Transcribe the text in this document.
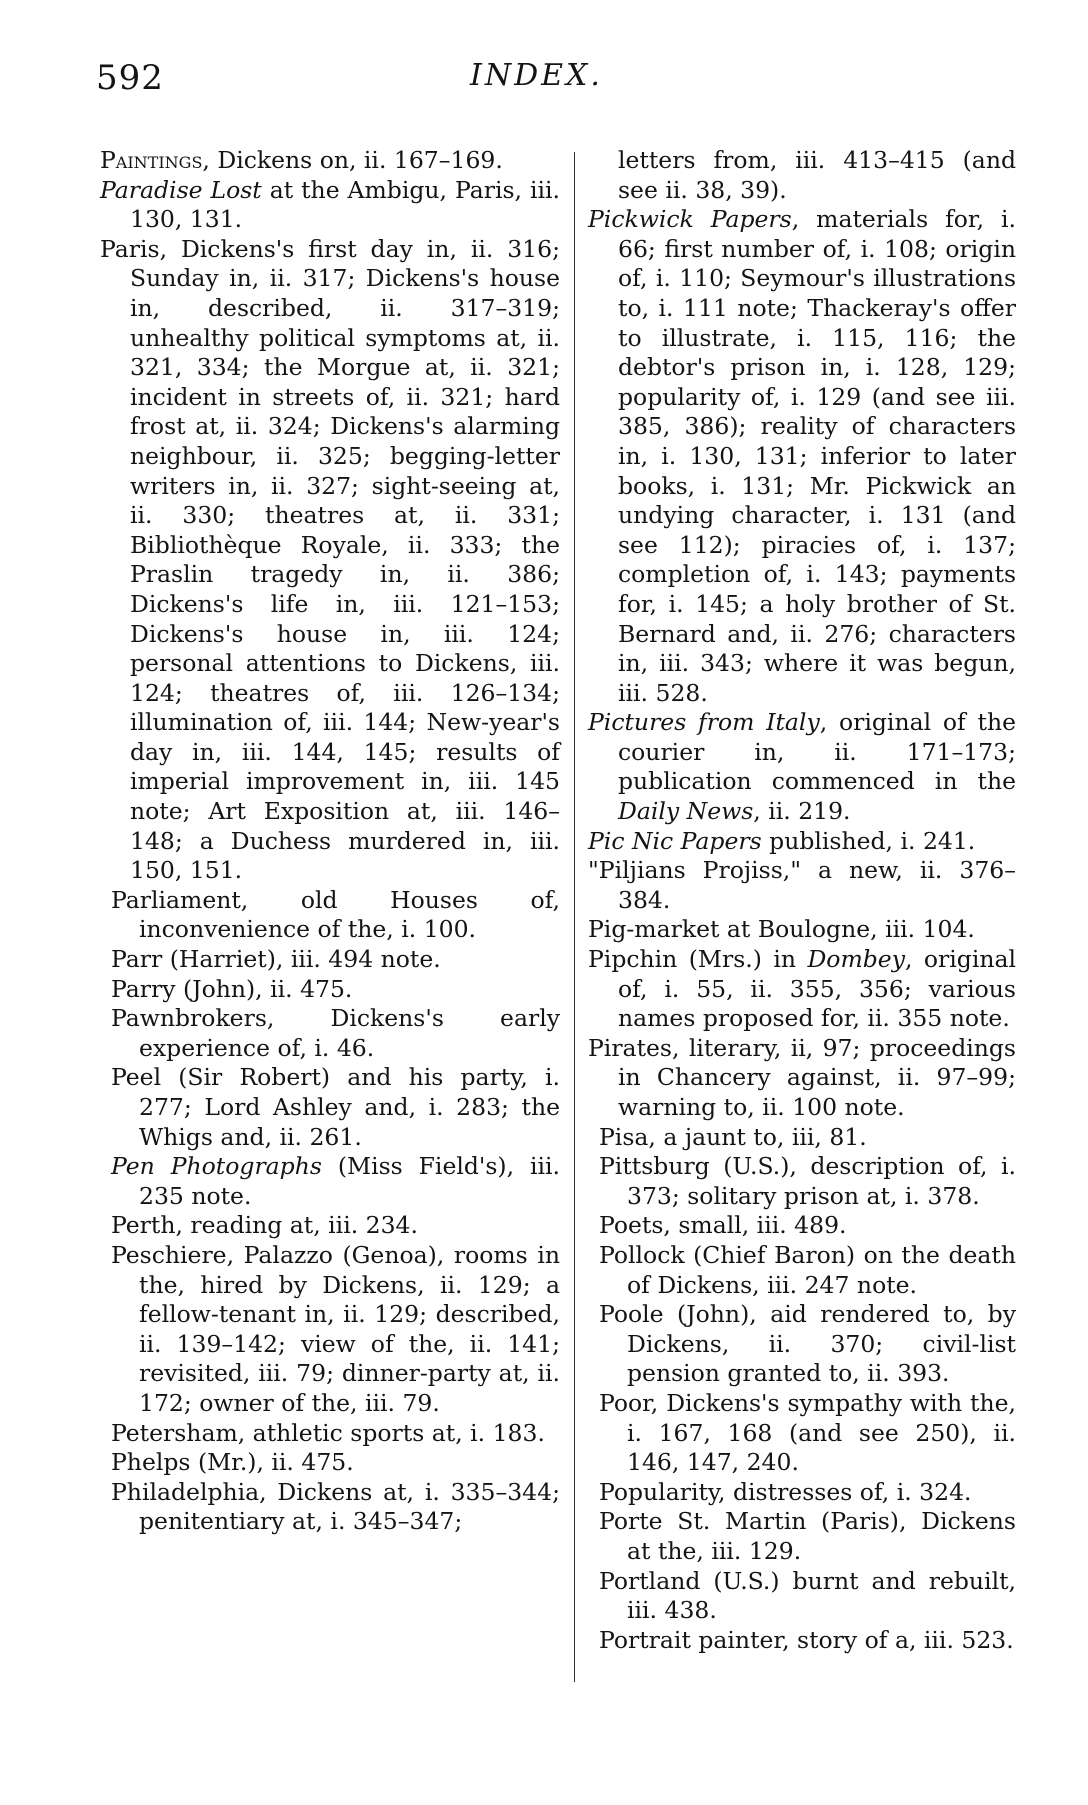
592	INDEX.

Paintings, Dickens on, ii. 167–169.

Paradise Lost at the Ambigu, Paris, iii. 130, 131.

Paris, Dickens's first day in, ii. 316; Sunday in, ii. 317; Dickens's house in, described, ii. 317–319; unhealthy political symptoms at, ii. 321, 334; the Morgue at, ii. 321; incident in streets of, ii. 321; hard frost at, ii. 324; Dickens's alarming neighbour, ii. 325; begging-letter writers in, ii. 327; sight-seeing at, ii. 330; theatres at, ii. 331; Bibliothèque Royale, ii. 333; the Praslin tragedy in, ii. 386; Dickens's life in, iii. 121–153; Dickens's house in, iii. 124; personal attentions to Dickens, iii. 124; theatres of, iii. 126–134; illumination of, iii. 144; New-year's day in, iii. 144, 145; results of imperial improvement in, iii. 145 note; Art Exposition at, iii. 146–148; a Duchess murdered in, iii. 150, 151.

Parliament, old Houses of, inconvenience of the, i. 100.

Parr (Harriet), iii. 494 note.

Parry (John), ii. 475.

Pawnbrokers, Dickens's early experience of, i. 46.

Peel (Sir Robert) and his party, i. 277; Lord Ashley and, i. 283; the Whigs and, ii. 261.

Pen Photographs (Miss Field's), iii. 235 note.

Perth, reading at, iii. 234.

Peschiere, Palazzo (Genoa), rooms in the, hired by Dickens, ii. 129; a fellow-tenant in, ii. 129; described, ii. 139–142; view of the, ii. 141; revisited, iii. 79; dinner-party at, ii. 172; owner of the, iii. 79.

Petersham, athletic sports at, i. 183.

Phelps (Mr.), ii. 475.

Philadelphia, Dickens at, i. 335–344; penitentiary at, i. 345–347;

letters from, iii. 413–415 (and see ii. 38, 39).

Pickwick Papers, materials for, i. 66; first number of, i. 108; origin of, i. 110; Seymour's illustrations to, i. 111 note; Thackeray's offer to illustrate, i. 115, 116; the debtor's prison in, i. 128, 129; popularity of, i. 129 (and see iii. 385, 386); reality of characters in, i. 130, 131; inferior to later books, i. 131; Mr. Pickwick an undying character, i. 131 (and see 112); piracies of, i. 137; completion of, i. 143; payments for, i. 145; a holy brother of St. Bernard and, ii. 276; characters in, iii. 343; where it was begun, iii. 528.

Pictures from Italy, original of the courier in, ii. 171–173; publication commenced in the Daily News, ii. 219.

Pic Nic Papers published, i. 241.

"Piljians Projiss," a new, ii. 376–384.

Pig-market at Boulogne, iii. 104.

Pipchin (Mrs.) in Dombey, original of, i. 55, ii. 355, 356; various names proposed for, ii. 355 note.

Pirates, literary, ii, 97; proceedings in Chancery against, ii. 97–99; warning to, ii. 100 note.

Pisa, a jaunt to, iii, 81.

Pittsburg (U.S.), description of, i. 373; solitary prison at, i. 378.

Poets, small, iii. 489.

Pollock (Chief Baron) on the death of Dickens, iii. 247 note.

Poole (John), aid rendered to, by Dickens, ii. 370; civil-list pension granted to, ii. 393.

Poor, Dickens's sympathy with the, i. 167, 168 (and see 250), ii. 146, 147, 240.

Popularity, distresses of, i. 324.

Porte St. Martin (Paris), Dickens at the, iii. 129.

Portland (U.S.) burnt and rebuilt, iii. 438.

Portrait painter, story of a, iii. 523.
